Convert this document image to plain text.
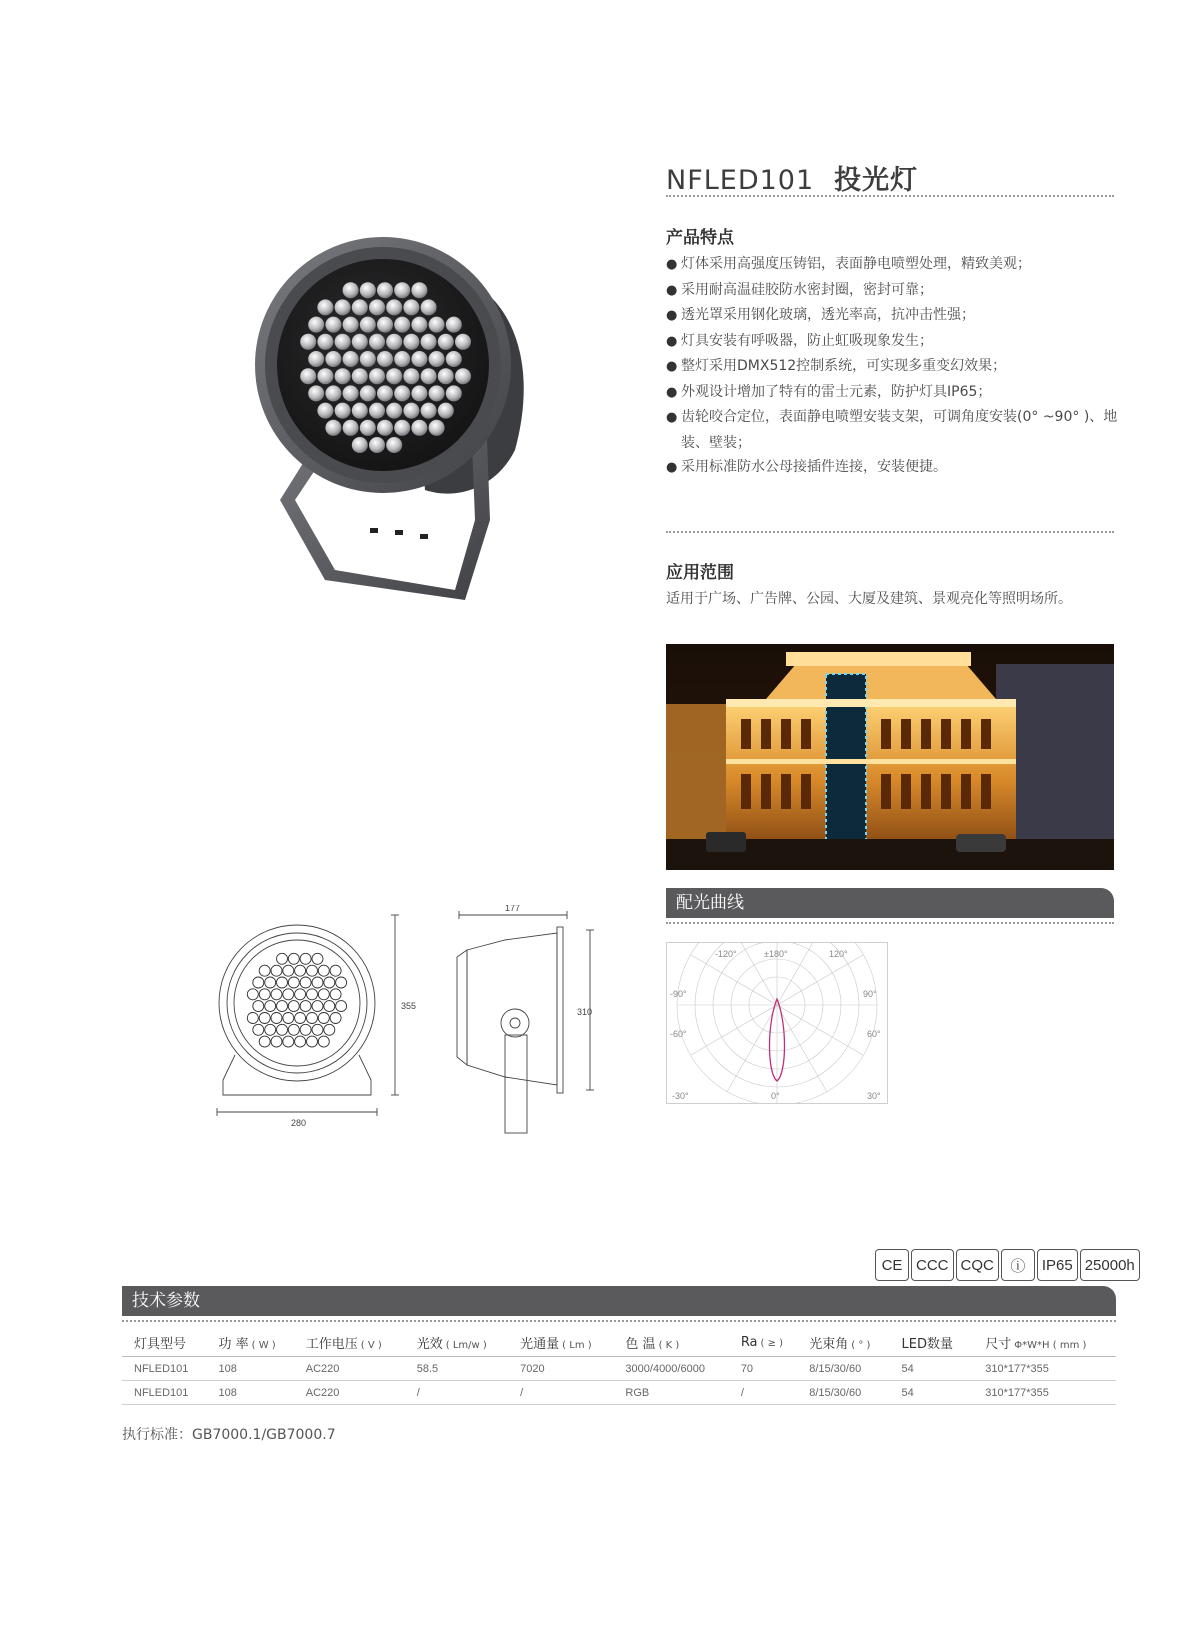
NFLED101 投光灯
产品特点
● 灯体采用高强度压铸铝，表面静电喷塑处理，精致美观；
● 采用耐高温硅胶防水密封圈，密封可靠；
● 透光罩采用钢化玻璃，透光率高，抗冲击性强；
● 灯具安装有呼吸器，防止虹吸现象发生；
● 整灯采用DMX512控制系统，可实现多重变幻效果；
● 外观设计增加了特有的雷士元素，防护灯具IP65；
● 齿轮咬合定位，表面静电喷塑安装支架，可调角度安装(0° ~90° )、地装、壁装；
● 采用标准防水公母接插件连接，安装便捷。
应用范围
适用于广场、广告牌、公园、大厦及建筑、景观亮化等照明场所。
配光曲线
-120°	±180°	120°
-90°	90°
-60°	60°
-30°	0°	30°
280
355
177
310
CE CCC CQC	ⓘ	IP65 25000h
技术参数
灯具型号	功 率 ( W )	工作电压 ( V )	光效 ( Lm/w )	光通量 ( Lm )	色 温 ( K )	Ra ( ≥ )	光束角 ( ° )	LED数量	尺寸 Φ*W*H ( mm )
NFLED101	108	AC220	58.5	7020	3000/4000/6000	70	8/15/30/60	54	310*177*355
NFLED101	108	AC220	/	/	RGB	/	8/15/30/60	54	310*177*355
执行标准：GB7000.1/GB7000.7
